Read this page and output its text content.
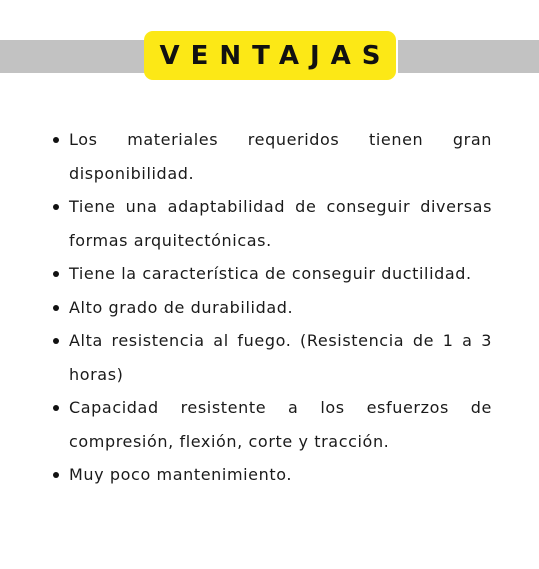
VENTAJAS
Los materiales requeridos tienen gran disponibilidad.
Tiene una adaptabilidad de conseguir diversas formas arquitectónicas.
Tiene la característica de conseguir ductilidad.
Alto grado de durabilidad.
Alta resistencia al fuego. (Resistencia de 1 a 3 horas)
Capacidad resistente a los esfuerzos de compresión, flexión, corte y tracción.
Muy poco mantenimiento.
